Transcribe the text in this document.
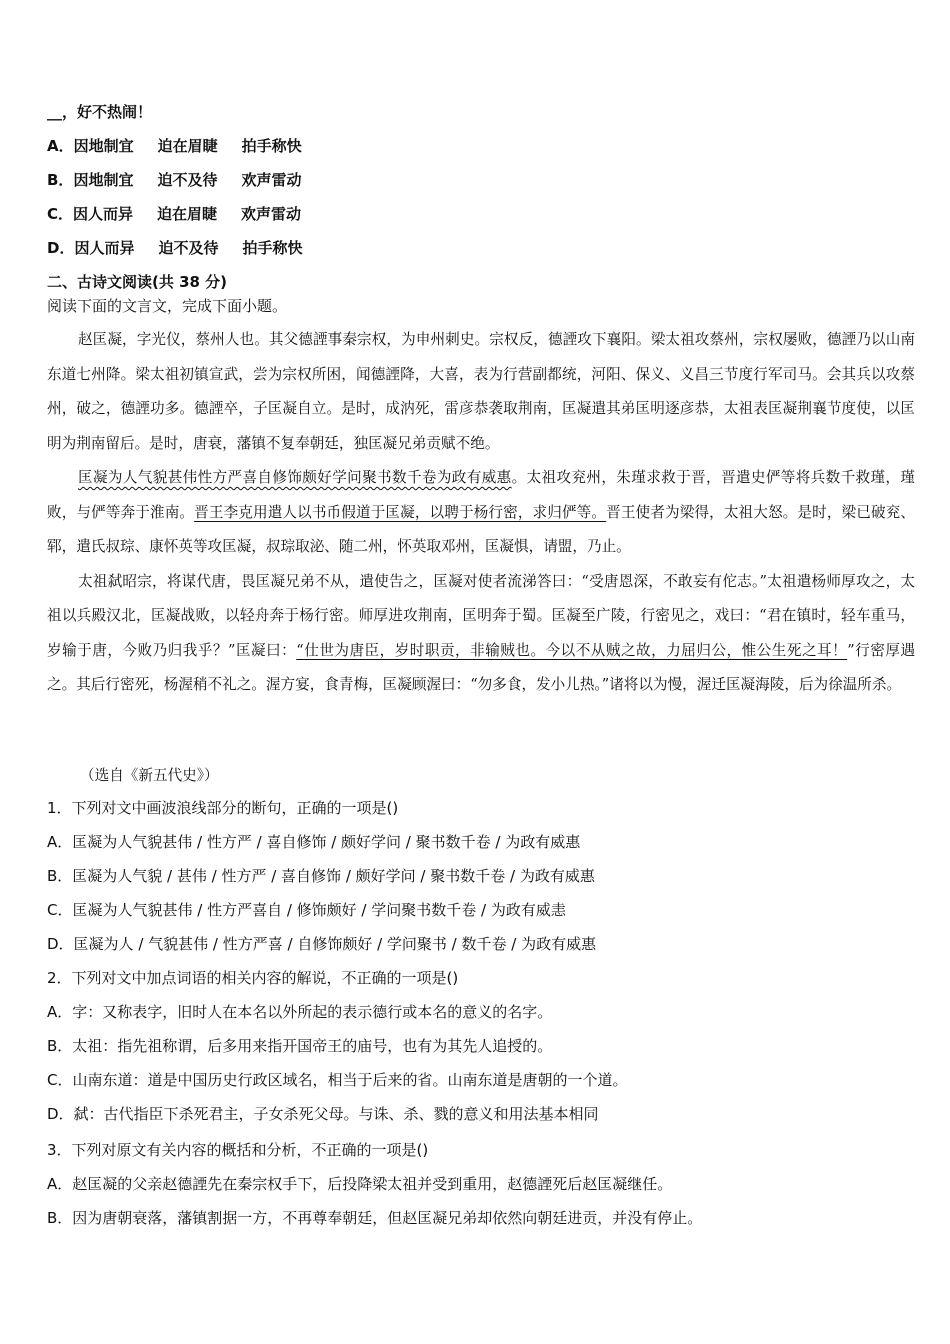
__，好不热闹！
A．因地制宜 迫在眉睫 拍手称快
B．因地制宜 迫不及待 欢声雷动
C．因人而异 迫在眉睫 欢声雷动
D．因人而异 迫不及待 拍手称快
二、古诗文阅读(共 38 分)
阅读下面的文言文，完成下面小题。

赵匡凝，字光仪，蔡州人也。其父德諲事秦宗权，为申州刺史。宗权反，德諲攻下襄阳。梁太祖攻蔡州，宗权屡败，德諲乃以山南东道七州降。梁太祖初镇宣武，尝为宗权所困，闻德諲降，大喜，表为行营副都统，河阳、保义、义昌三节度行军司马。会其兵以攻蔡州，破之，德諲功多。德諲卒，子匡凝自立。是时，成汭死，雷彦恭袭取荆南，匡凝遣其弟匡明逐彦恭，太祖表匡凝荆襄节度使，以匡明为荆南留后。是时，唐衰，藩镇不复奉朝廷，独匡凝兄弟贡赋不绝。

匡凝为人气貌甚伟性方严喜自修饰颇好学问聚书数千卷为政有威惠。太祖攻兖州，朱瑾求救于晋，晋遣史俨等将兵数千救瑾，瑾败，与俨等奔于淮南。晋王李克用遣人以书币假道于匡凝，以聘于杨行密，求归俨等。晋王使者为梁得，太祖大怒。是时，梁已破兖、郓，遣氏叔琮、康怀英等攻匡凝，叔琮取泌、随二州，怀英取邓州，匡凝惧，请盟，乃止。

太祖弑昭宗，将谋代唐，畏匡凝兄弟不从，遣使告之，匡凝对使者流涕答曰：“受唐恩深，不敢妄有佗志。”太祖遣杨师厚攻之，太祖以兵殿汉北，匡凝战败，以轻舟奔于杨行密。师厚进攻荆南，匡明奔于蜀。匡凝至广陵，行密见之，戏曰：“君在镇时，轻车重马，岁输于唐，今败乃归我乎？”匡凝曰：“仕世为唐臣，岁时职贡，非输贼也。今以不从贼之故，力屈归公，惟公生死之耳！”行密厚遇之。其后行密死，杨渥稍不礼之。渥方宴，食青梅，匡凝顾渥曰：“勿多食，发小儿热。”诸将以为慢，渥迁匡凝海陵，后为徐温所杀。

（选自《新五代史》）
1．下列对文中画波浪线部分的断句，正确的一项是()
A．匡凝为人气貌甚伟 / 性方严 / 喜自修饰 / 颇好学问 / 聚书数千卷 / 为政有威惠
B．匡凝为人气貌 / 甚伟 / 性方严 / 喜自修饰 / 颇好学问 / 聚书数千卷 / 为政有威惠
C．匡凝为人气貌甚伟 / 性方严喜自 / 修饰颇好 / 学问聚书数千卷 / 为政有威恚
D．匡凝为人 / 气貌甚伟 / 性方严喜 / 自修饰颇好 / 学问聚书 / 数千卷 / 为政有威惠
2．下列对文中加点词语的相关内容的解说，不正确的一项是()
A．字：又称表字，旧时人在本名以外所起的表示德行或本名的意义的名字。
B．太祖：指先祖称谓，后多用来指开国帝王的庙号，也有为其先人追授的。
C．山南东道：道是中国历史行政区域名，相当于后来的省。山南东道是唐朝的一个道。
D．弑：古代指臣下杀死君主，子女杀死父母。与诛、杀、戮的意义和用法基本相同
3．下列对原文有关内容的概括和分析，不正确的一项是()
A．赵匡凝的父亲赵德諲先在秦宗权手下，后投降梁太祖并受到重用，赵德諲死后赵匡凝继任。
B．因为唐朝衰落，藩镇割据一方，不再尊奉朝廷，但赵匡凝兄弟却依然向朝廷进贡，并没有停止。
